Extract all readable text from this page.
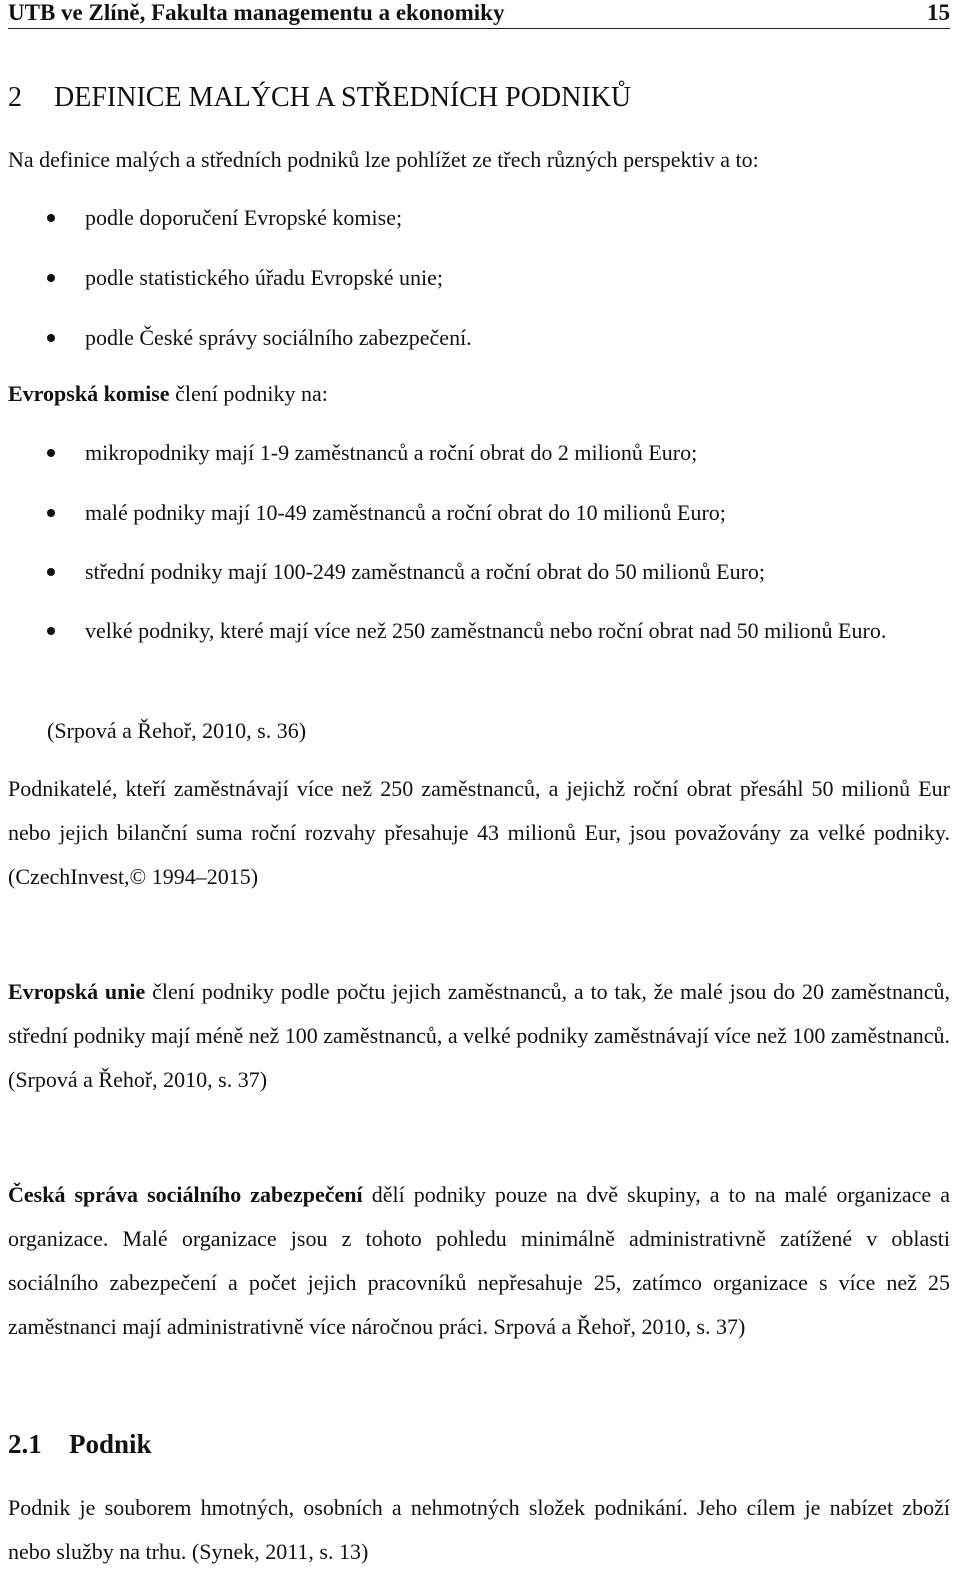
UTB ve Zlíně, Fakulta managementu a ekonomiky	15
2 DEFINICE MALÝCH A STŘEDNÍCH PODNIKŮ
Na definice malých a středních podniků lze pohlížet ze třech různých perspektiv a to:
podle doporučení Evropské komise;
podle statistického úřadu Evropské unie;
podle České správy sociálního zabezpečení.
Evropská komise člení podniky na:
mikropodniky mají 1-9 zaměstnanců a roční obrat do 2 milionů Euro;
malé podniky mají 10-49 zaměstnanců a roční obrat do 10 milionů Euro;
střední podniky mají 100-249 zaměstnanců a roční obrat do 50 milionů Euro;
velké podniky, které mají více než 250 zaměstnanců nebo roční obrat nad 50 milionů Euro.
(Srpová a Řehoř, 2010, s. 36)
Podnikatelé, kteří zaměstnávají více než 250 zaměstnanců, a jejichž roční obrat přesáhl 50 milionů Eur nebo jejich bilanční suma roční rozvahy přesahuje 43 milionů Eur, jsou považovány za velké podniky. (CzechInvest,© 1994–2015)
Evropská unie člení podniky podle počtu jejich zaměstnanců, a to tak, že malé jsou do 20 zaměstnanců, střední podniky mají méně než 100 zaměstnanců, a velké podniky zaměstnávají více než 100 zaměstnanců. (Srpová a Řehoř, 2010, s. 37)
Česká správa sociálního zabezpečení dělí podniky pouze na dvě skupiny, a to na malé organizace a organizace. Malé organizace jsou z tohoto pohledu minimálně administrativně zatížené v oblasti sociálního zabezpečení a počet jejich pracovníků nepřesahuje 25, zatímco organizace s více než 25 zaměstnanci mají administrativně více náročnou práci. Srpová a Řehoř, 2010, s. 37)
2.1 Podnik
Podnik je souborem hmotných, osobních a nehmotných složek podnikání. Jeho cílem je nabízet zboží nebo služby na trhu. (Synek, 2011, s. 13)
